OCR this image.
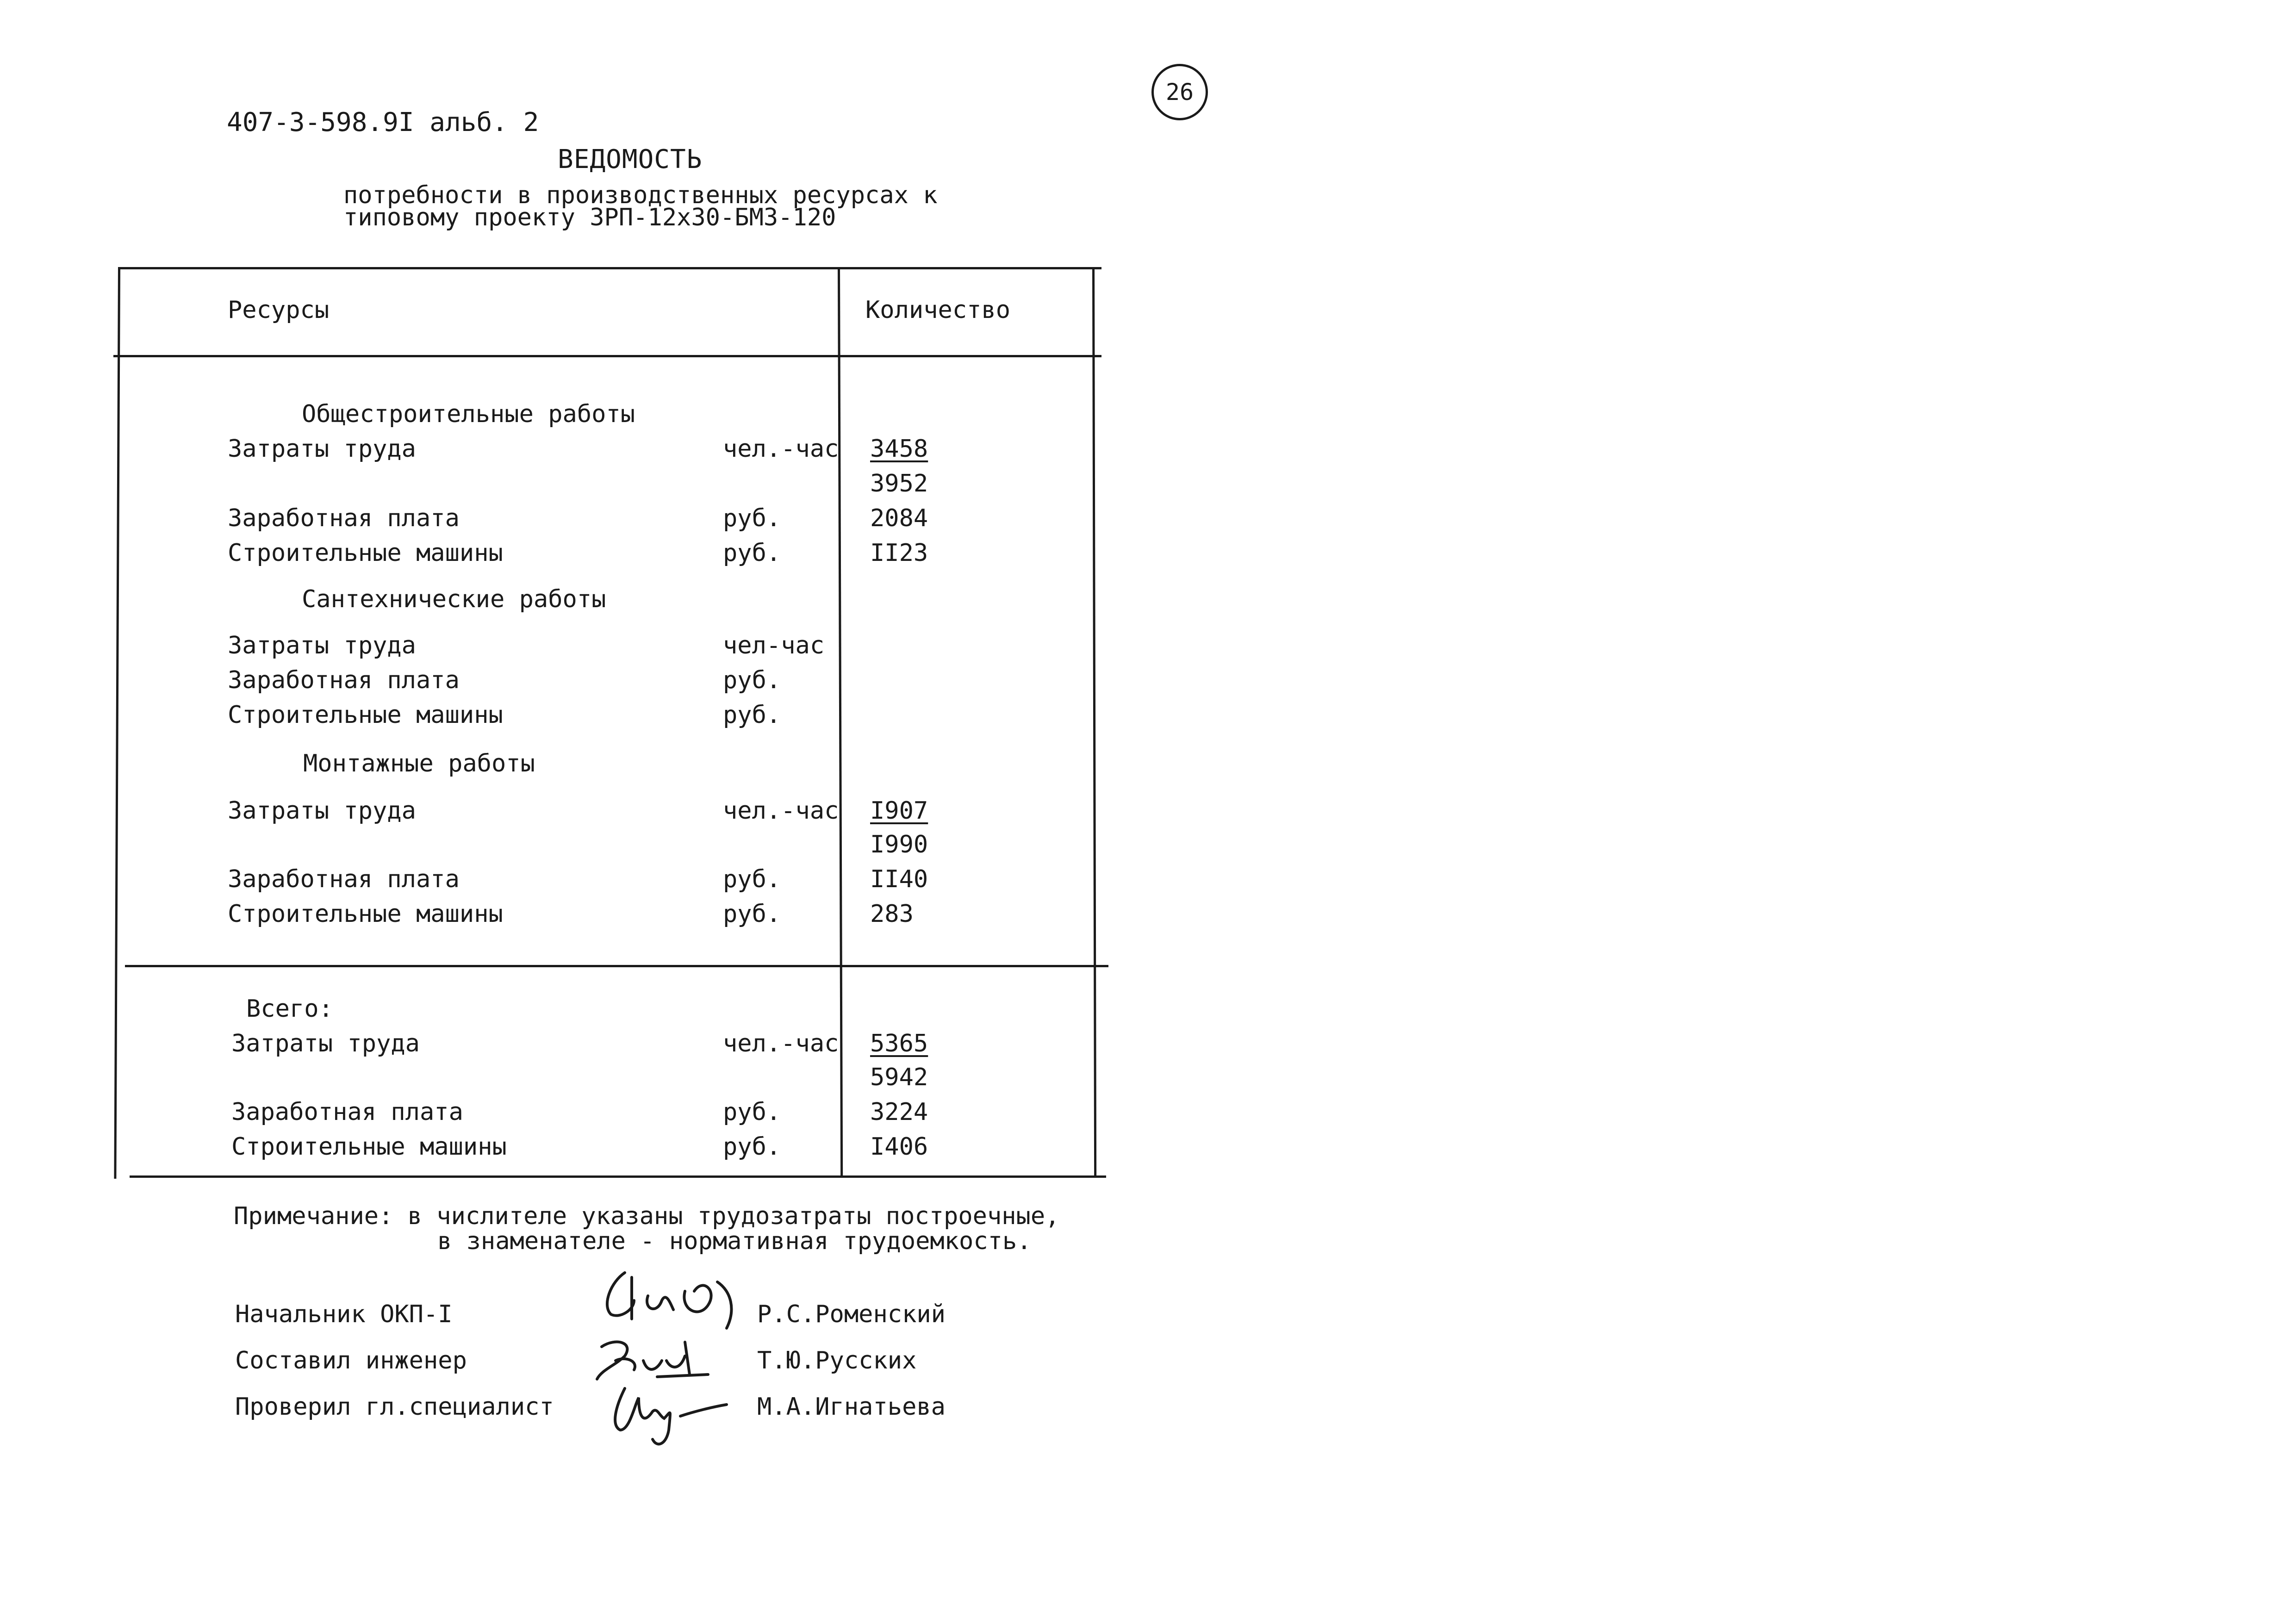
26
407-3-598.9I альб. 2
ВЕДОМОСТЬ
потребности в производственных ресурсах к
типовому проекту ЗРП-12х30-БМЗ-120
Ресурсы	Количество
Общестроительные работы
Затраты труда	чел.-час 3458
3952
Заработная плата	руб.	2084
Строительные машины	руб.	II23
Сантехнические работы
Затраты труда	чел-час
Заработная плата	руб.
Строительные машины	руб.
Монтажные работы
Затраты труда	чел.-час I907
I990
Заработная плата	руб.	II40
Строительные машины	руб.	283
Всего:
Затраты труда	чел.-час 5365
5942
Заработная плата	руб.	3224
Строительные машины	руб.	I406
Примечание: в числителе указаны трудозатраты построечные,
в знаменателе - нормативная трудоемкость.
Начальник ОКП-I	Р.С.Роменский
Составил инженер	Т.Ю.Русских
Проверил гл.специалист	М.А.Игнатьева
